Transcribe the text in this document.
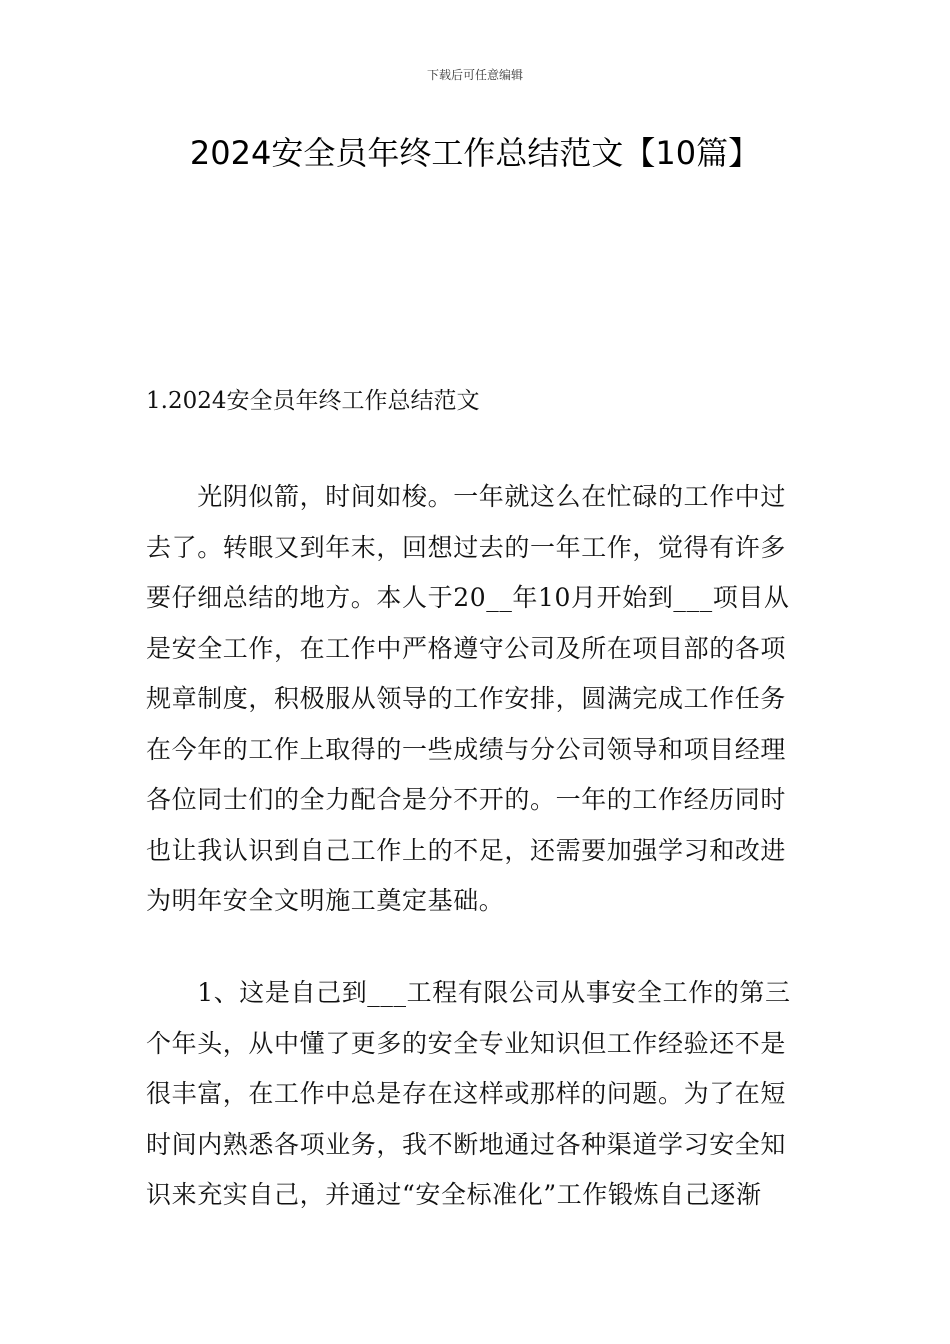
下载后可任意编辑
2024安全员年终工作总结范文【10篇】
1.2024安全员年终工作总结范文
　　光阴似箭，时间如梭。一年就这么在忙碌的工作中过
去了。转眼又到年末，回想过去的一年工作，觉得有许多
要仔细总结的地方。本人于20__年10月开始到___项目从
是安全工作，在工作中严格遵守公司及所在项目部的各项
规章制度，积极服从领导的工作安排，圆满完成工作任务
在今年的工作上取得的一些成绩与分公司领导和项目经理
各位同士们的全力配合是分不开的。一年的工作经历同时
也让我认识到自己工作上的不足，还需要加强学习和改进
为明年安全文明施工奠定基础。
　　1、这是自己到___工程有限公司从事安全工作的第三
个年头，从中懂了更多的安全专业知识但工作经验还不是
很丰富，在工作中总是存在这样或那样的问题。为了在短
时间内熟悉各项业务，我不断地通过各种渠道学习安全知
识来充实自己，并通过“安全标准化”工作锻炼自己逐渐
